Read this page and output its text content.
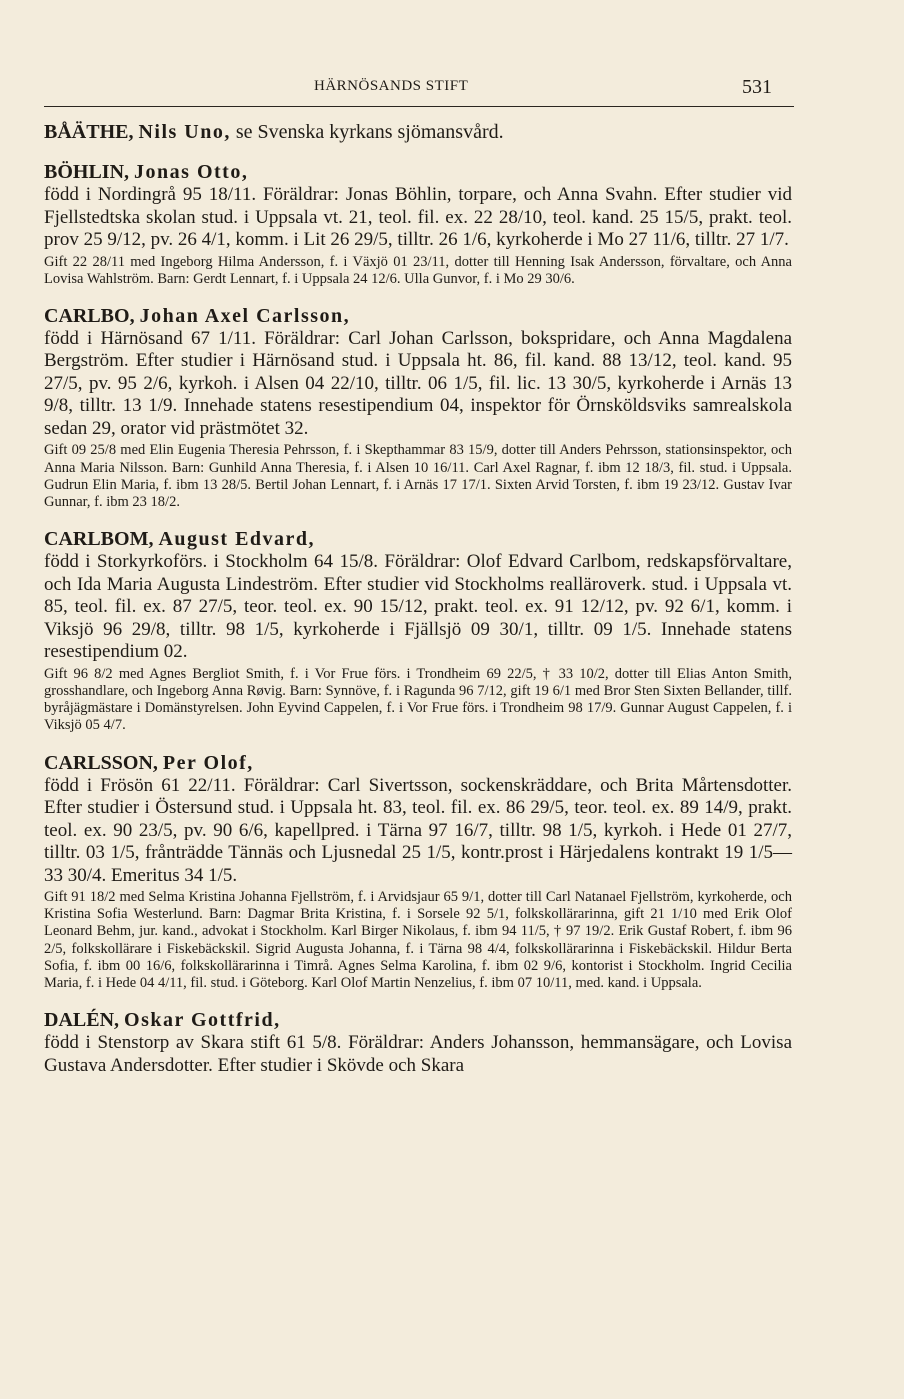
HÄRNÖSANDS STIFT	531

BÅÄTHE, Nils Uno, se Svenska kyrkans sjömansvård.

BÖHLIN, Jonas Otto,

född i Nordingrå 95 18/11. Föräldrar: Jonas Böhlin, torpare, och Anna Svahn. Efter studier vid Fjellstedtska skolan stud. i Uppsala vt. 21, teol. fil. ex. 22 28/10, teol. kand. 25 15/5, prakt. teol. prov 25 9/12, pv. 26 4/1, komm. i Lit 26 29/5, tilltr. 26 1/6, kyrkoherde i Mo 27 11/6, tilltr. 27 1/7.

Gift 22 28/11 med Ingeborg Hilma Andersson, f. i Växjö 01 23/11, dotter till Henning Isak Andersson, förvaltare, och Anna Lovisa Wahlström. Barn: Gerdt Lennart, f. i Uppsala 24 12/6. Ulla Gunvor, f. i Mo 29 30/6.

CARLBO, Johan Axel Carlsson,

född i Härnösand 67 1/11. Föräldrar: Carl Johan Carlsson, bokspridare, och Anna Magdalena Bergström. Efter studier i Härnösand stud. i Uppsala ht. 86, fil. kand. 88 13/12, teol. kand. 95 27/5, pv. 95 2/6, kyrkoh. i Alsen 04 22/10, tilltr. 06 1/5, fil. lic. 13 30/5, kyrkoherde i Arnäs 13 9/8, tilltr. 13 1/9. Innehade statens resestipendium 04, inspektor för Örnsköldsviks samrealskola sedan 29, orator vid prästmötet 32.

Gift 09 25/8 med Elin Eugenia Theresia Pehrsson, f. i Skepthammar 83 15/9, dotter till Anders Pehrsson, stationsinspektor, och Anna Maria Nilsson. Barn: Gunhild Anna Theresia, f. i Alsen 10 16/11. Carl Axel Ragnar, f. ibm 12 18/3, fil. stud. i Uppsala. Gudrun Elin Maria, f. ibm 13 28/5. Bertil Johan Lennart, f. i Arnäs 17 17/1. Sixten Arvid Torsten, f. ibm 19 23/12. Gustav Ivar Gunnar, f. ibm 23 18/2.

CARLBOM, August Edvard,

född i Storkyrkoförs. i Stockholm 64 15/8. Föräldrar: Olof Edvard Carlbom, redskapsförvaltare, och Ida Maria Augusta Lindeström. Efter studier vid Stockholms realläroverk. stud. i Uppsala vt. 85, teol. fil. ex. 87 27/5, teor. teol. ex. 90 15/12, prakt. teol. ex. 91 12/12, pv. 92 6/1, komm. i Viksjö 96 29/8, tilltr. 98 1/5, kyrkoherde i Fjällsjö 09 30/1, tilltr. 09 1/5. Innehade statens resestipendium 02.

Gift 96 8/2 med Agnes Bergliot Smith, f. i Vor Frue förs. i Trondheim 69 22/5, † 33 10/2, dotter till Elias Anton Smith, grosshandlare, och Ingeborg Anna Røvig. Barn: Synnöve, f. i Ragunda 96 7/12, gift 19 6/1 med Bror Sten Sixten Bellander, tillf. byråjägmästare i Domänstyrelsen. John Eyvind Cappelen, f. i Vor Frue förs. i Trondheim 98 17/9. Gunnar August Cappelen, f. i Viksjö 05 4/7.

CARLSSON, Per Olof,

född i Frösön 61 22/11. Föräldrar: Carl Sivertsson, sockenskräddare, och Brita Mårtensdotter. Efter studier i Östersund stud. i Uppsala ht. 83, teol. fil. ex. 86 29/5, teor. teol. ex. 89 14/9, prakt. teol. ex. 90 23/5, pv. 90 6/6, kapellpred. i Tärna 97 16/7, tilltr. 98 1/5, kyrkoh. i Hede 01 27/7, tilltr. 03 1/5, frånträdde Tännäs och Ljusnedal 25 1/5, kontr.prost i Härjedalens kontrakt 19 1/5—33 30/4. Emeritus 34 1/5.

Gift 91 18/2 med Selma Kristina Johanna Fjellström, f. i Arvidsjaur 65 9/1, dotter till Carl Natanael Fjellström, kyrkoherde, och Kristina Sofia Westerlund. Barn: Dagmar Brita Kristina, f. i Sorsele 92 5/1, folkskollärarinna, gift 21 1/10 med Erik Olof Leonard Behm, jur. kand., advokat i Stockholm. Karl Birger Nikolaus, f. ibm 94 11/5, † 97 19/2. Erik Gustaf Robert, f. ibm 96 2/5, folkskollärare i Fiskebäckskil. Sigrid Augusta Johanna, f. i Tärna 98 4/4, folkskollärarinna i Fiskebäckskil. Hildur Berta Sofia, f. ibm 00 16/6, folkskollärarinna i Timrå. Agnes Selma Karolina, f. ibm 02 9/6, kontorist i Stockholm. Ingrid Cecilia Maria, f. i Hede 04 4/11, fil. stud. i Göteborg. Karl Olof Martin Nenzelius, f. ibm 07 10/11, med. kand. i Uppsala.

DALÉN, Oskar Gottfrid,

född i Stenstorp av Skara stift 61 5/8. Föräldrar: Anders Johansson, hemmansägare, och Lovisa Gustava Andersdotter. Efter studier i Skövde och Skara
